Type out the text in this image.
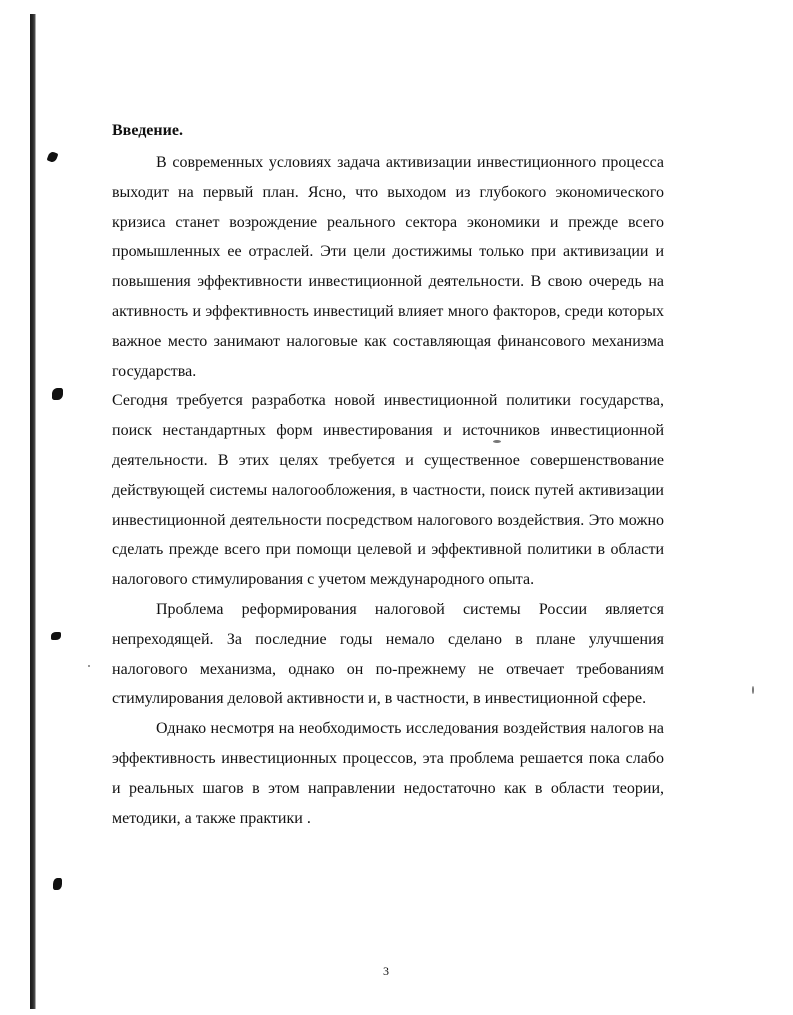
Введение.

В современных условиях задача активизации инвестиционного процесса выходит на первый план. Ясно, что выходом из глубокого экономического кризиса станет возрождение реального сектора экономики и прежде всего промышленных ее отраслей. Эти цели достижимы только при активизации и повышения эффективности инвестиционной деятельности. В свою очередь на активность и эффективность инвестиций влияет много факторов, среди которых важное место занимают налоговые как составляющая финансового механизма государства.

Сегодня требуется разработка новой инвестиционной политики государства, поиск нестандартных форм инвестирования и источников инвестиционной деятельности. В этих целях требуется и существенное совершенствование действующей системы налогообложения, в частности, поиск путей активизации инвестиционной деятельности посредством налогового воздействия. Это можно сделать прежде всего при помощи целевой и эффективной политики в области налогового стимулирования с учетом международного опыта.

Проблема реформирования налоговой системы России является непреходящей. За последние годы немало сделано в плане улучшения налогового механизма, однако он по-прежнему не отвечает требованиям стимулирования деловой активности и, в частности, в инвестиционной сфере.

Однако несмотря на необходимость исследования воздействия налогов на эффективность инвестиционных процессов, эта проблема решается пока слабо и реальных шагов в этом направлении недостаточно как в области теории, методики, а также практики .

3
